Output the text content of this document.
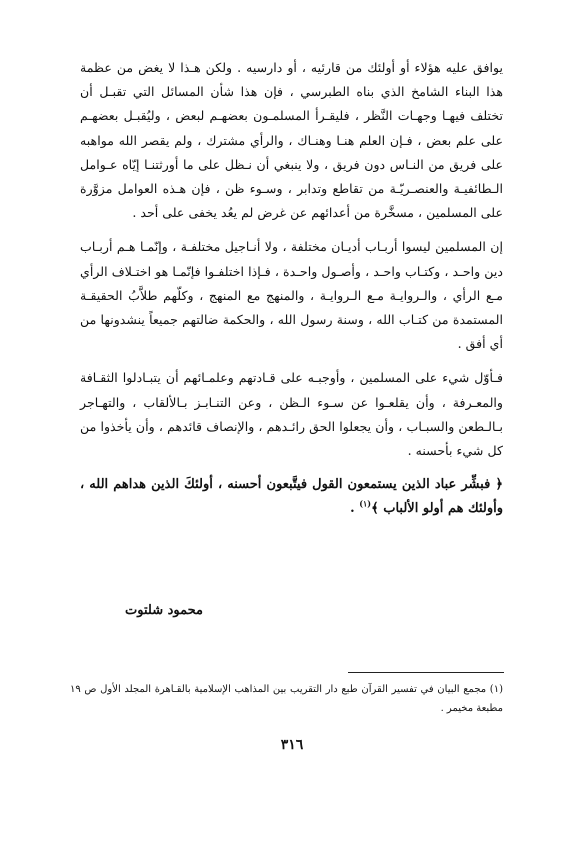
يوافق عليه هؤلاء أو أولئك من قارئيه ، أو دارسيه . ولكن هـذا لا يغض من عظمة هذا البناء الشامخ الذي بناه الطبرسي ، فإن هذا شأن المسائل التي تقبـل أن تختلف فيهـا وجهـات النَّظر ، فليقـرأ المسلمـون بعضهـم لبعض ، وليُقبـل بعضهـم على علم بعض ، فـإن العلم هنـا وهنـاك ، والرأي مشترك ، ولم يقصر الله مواهبه على فريق من النـاس دون فريق ، ولا ينبغي أن نـظل على ما أورثتنـا إيّاه عـوامل الـطائفيـة والعنصـريّـة من تقاطع وتدابر ، وسـوء ظن ، فإن هـذه العوامل مزوَّرة على المسلمين ، مسخَّرة من أعدائهم عن غرض لم يعُد يخفى على أحد .

إن المسلمين ليسوا أربـاب أديـان مختلفة ، ولا أنـاجيل مختلفـة ، وإنّمـا هـم أربـاب دين واحـد ، وكتـاب واحـد ، وأصـول واحـدة ، فـإذا اختلفـوا فإنّمـا هو اختـلاف الرأي مـع الرأي ، والـروايـة مـع الـروايـة ، والمنهج مع المنهج ، وكلّهم طلاَّبُ الحقيقـة المستمدة من كتـاب الله ، وسنة رسول الله ، والحكمة ضالتهم جميعاً ينشدونها من أي أفق .

فـأوّل شيء على المسلمين ، وأوجبـه على قـادتهم وعلمـائهم أن يتبـادلوا الثقـافة والمعـرفة ، وأن يقلعـوا عن سـوء الـظن ، وعن التنـابـز بـالألقاب ، والتهـاجر بـالـطعن والسبـاب ، وأن يجعلوا الحق رائـدهم ، والإنصاف قائدهم ، وأن يأخذوا من كل شيء بأحسنه .

﴿ فبشِّر عباد الذين يستمعون القول فيتَّبعون أحسنه ، أولئكَ الذين هداهم الله ، وأولئك هم أولو الألباب ﴾$^{(١)}$ .

محمود شلتوت
(١) مجمع البيان في تفسير القرآن طبع دار التقريب بين المذاهب الإسلامية بالقـاهرة المجلد الأول ص ١٩ مطبعة مخيمر .
٣١٦
